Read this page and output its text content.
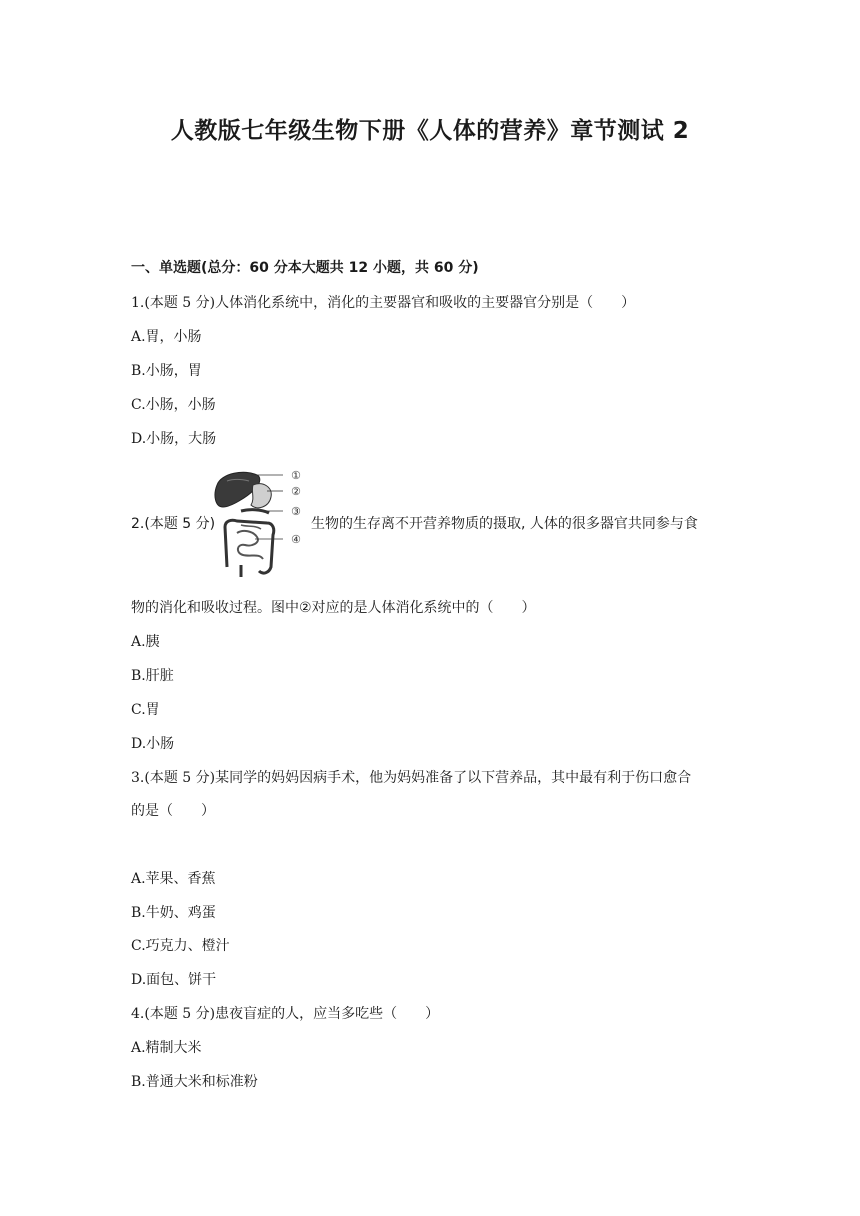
人教版七年级生物下册《人体的营养》章节测试 2
一、单选题(总分：60 分本大题共 12 小题，共 60 分)
1.(本题 5 分)人体消化系统中，消化的主要器官和吸收的主要器官分别是（　　）
A.胃，小肠
B.小肠，胃
C.小肠，小肠
D.小肠，大肠
2.(本题 5 分)
①
②
③
④
生物的生存离不开营养物质的摄取, 人体的很多器官共同参与食
物的消化和吸收过程。图中②对应的是人体消化系统中的（　　）
A.胰
B.肝脏
C.胃
D.小肠
3.(本题 5 分)某同学的妈妈因病手术，他为妈妈准备了以下营养品，其中最有利于伤口愈合
的是（　　）
A.苹果、香蕉
B.牛奶、鸡蛋
C.巧克力、橙汁
D.面包、饼干
4.(本题 5 分)患夜盲症的人，应当多吃些（　　）
A.精制大米
B.普通大米和标准粉
